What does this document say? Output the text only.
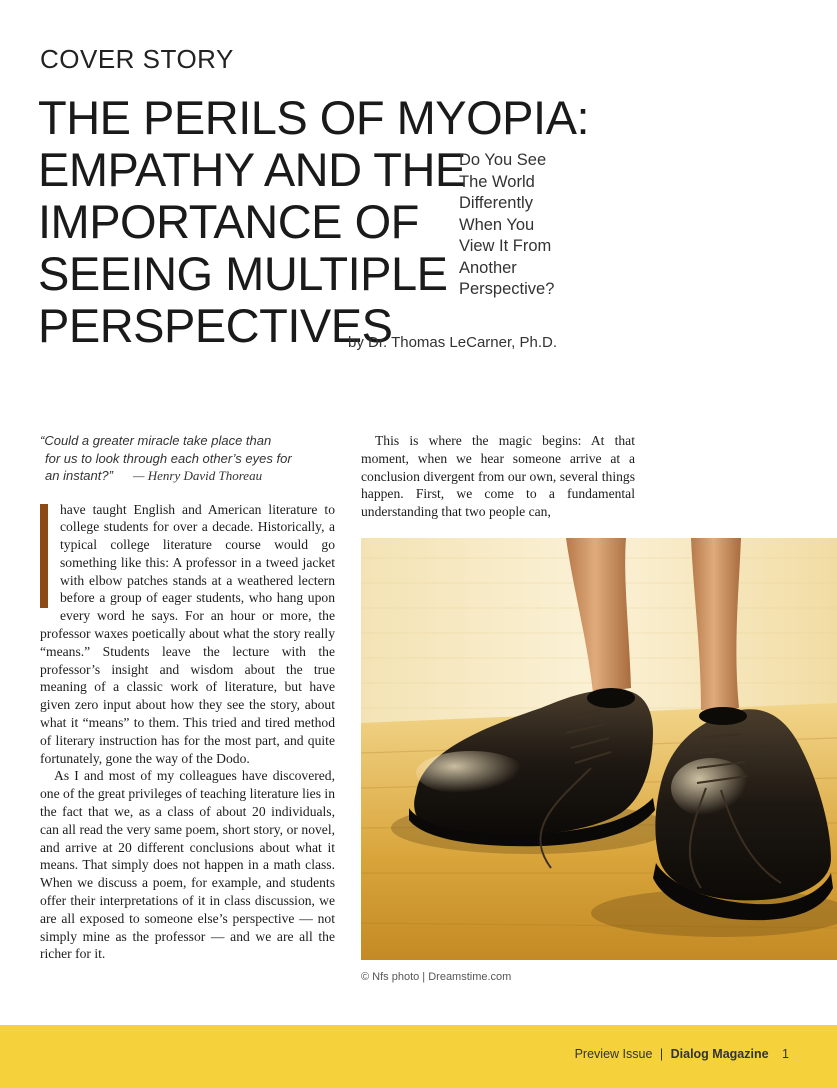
COVER STORY
THE PERILS OF MYOPIA:
EMPATHY AND THE
IMPORTANCE OF
SEEING MULTIPLE
PERSPECTIVES
Do You See
The World
Differently
When You
View It From
Another
Perspective?
by Dr. Thomas LeCarner, Ph.D.
“Could a greater miracle take place than
for us to look through each other’s eyes for
an instant?” — Henry David Thoreau

have taught English and American literature to college students for over a decade. Historically, a typical college literature course would go something like this: A professor in a tweed jacket with elbow patches stands at a weathered lectern before a group of eager students, who hang upon every word he says. For an hour or more, the professor waxes poetically about what the story really “means.” Students leave the lecture with the professor’s insight and wisdom about the true meaning of a classic work of literature, but have given zero input about how they see the story, about what it “means” to them. This tried and tired method of literary instruction has for the most part, and quite fortunately, gone the way of the Dodo.

As I and most of my colleagues have discovered, one of the great privileges of teaching literature lies in the fact that we, as a class of about 20 individuals, can all read the very same poem, short story, or novel, and arrive at 20 different conclusions about what it means. That simply does not happen in a math class. When we discuss a poem, for example, and students offer their interpretations of it in class discussion, we are all exposed to someone else’s perspective — not simply mine as the professor — and we are all the richer for it.

This is where the magic begins: At that moment, when we hear someone arrive at a conclusion divergent from our own, several things happen. First, we come to a fundamental understanding that two people can,

© Nfs photo | Dreamstime.com
Preview Issue | Dialog Magazine 1
